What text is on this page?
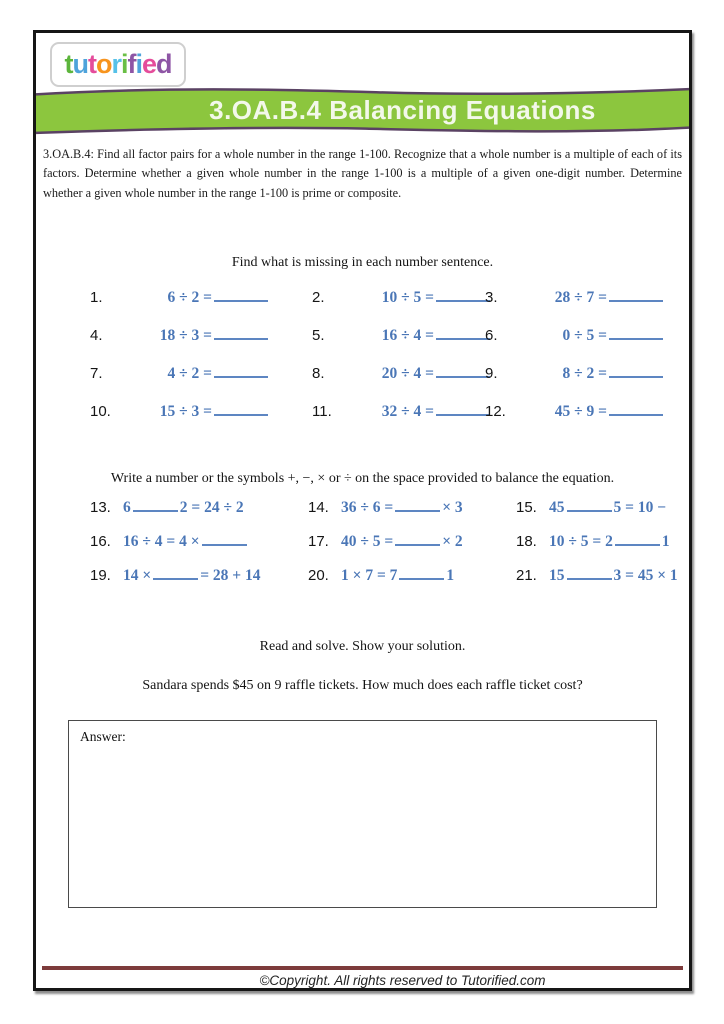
t u t o r i f i e d
3.OA.B.4 Balancing Equations
3.OA.B.4: Find all factor pairs for a whole number in the range 1-100. Recognize that a whole number is a multiple of each of its factors. Determine whether a given whole number in the range 1-100 is a multiple of a given one-digit number. Determine whether a given whole number in the range 1-100 is prime or composite.
Find what is missing in each number sentence.
1.	6 ÷ 2 =	2.	10 ÷ 5 =	3.	28 ÷ 7 =
4.	18 ÷ 3 =	5.	16 ÷ 4 =	6.	0 ÷ 5 =
7.	4 ÷ 2 =	8.	20 ÷ 4 =	9.	8 ÷ 2 =
10.	15 ÷ 3 =	11.	32 ÷ 4 =	12.	45 ÷ 9 =
Write a number or the symbols +, −, × or ÷ on the space provided to balance the equation.
13. 6	2 = 24 ÷ 2	14. 36 ÷ 6 =	× 3	15. 45	5 = 10 −
16. 16 ÷ 4 = 4 ×	17. 40 ÷ 5 =	× 2	18. 10 ÷ 5 = 2	1
19. 14 ×	= 28 + 14	20. 1 × 7 = 7	1	21. 15	3 = 45 × 1
Read and solve. Show your solution.
Sandara spends $45 on 9 raffle tickets. How much does each raffle ticket cost?
Answer:
©Copyright. All rights reserved to Tutorified.com
